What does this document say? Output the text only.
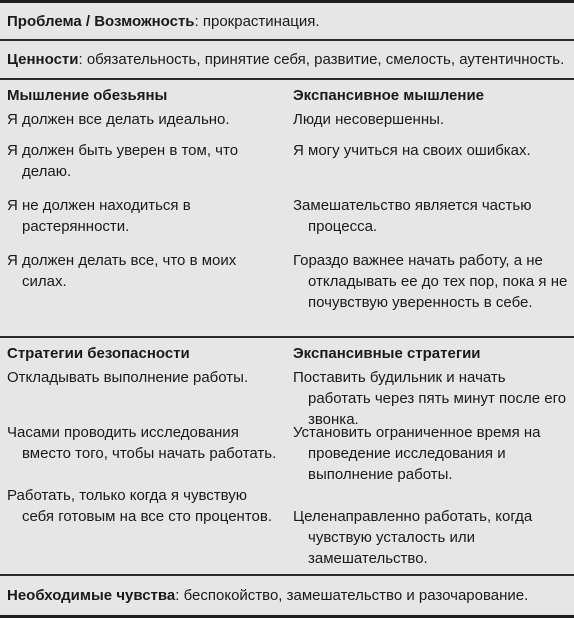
Проблема / Возможность : прокрастинация.
Ценности : обязательность, принятие себя, развитие, смелость, аутентичность.
Мышление обезьяны
Я должен все делать идеально.
Я должен быть уверен в том, что делаю.
Я не должен находиться в растерянности.
Я должен делать все, что в моих силах.
Экспансивное мышление
Люди несовершенны.
Я могу учиться на своих ошибках.
Замешательство является частью процесса.
Гораздо важнее начать работу, а не откладывать ее до тех пор, пока я не почувствую уверенность в себе.
Стратегии безопасности
Откладывать выполнение работы.
Часами проводить исследования вместо того, чтобы начать работать.
Работать, только когда я чувствую себя готовым на все сто процентов.
Экспансивные стратегии
Поставить будильник и начать работать через пять минут после его звонка.
Установить ограниченное время на проведение исследования и выполнение работы.
Целенаправленно работать, когда чувствую усталость или замешательство.
Необходимые чувства : беспокойство, замешательство и разочарование.
